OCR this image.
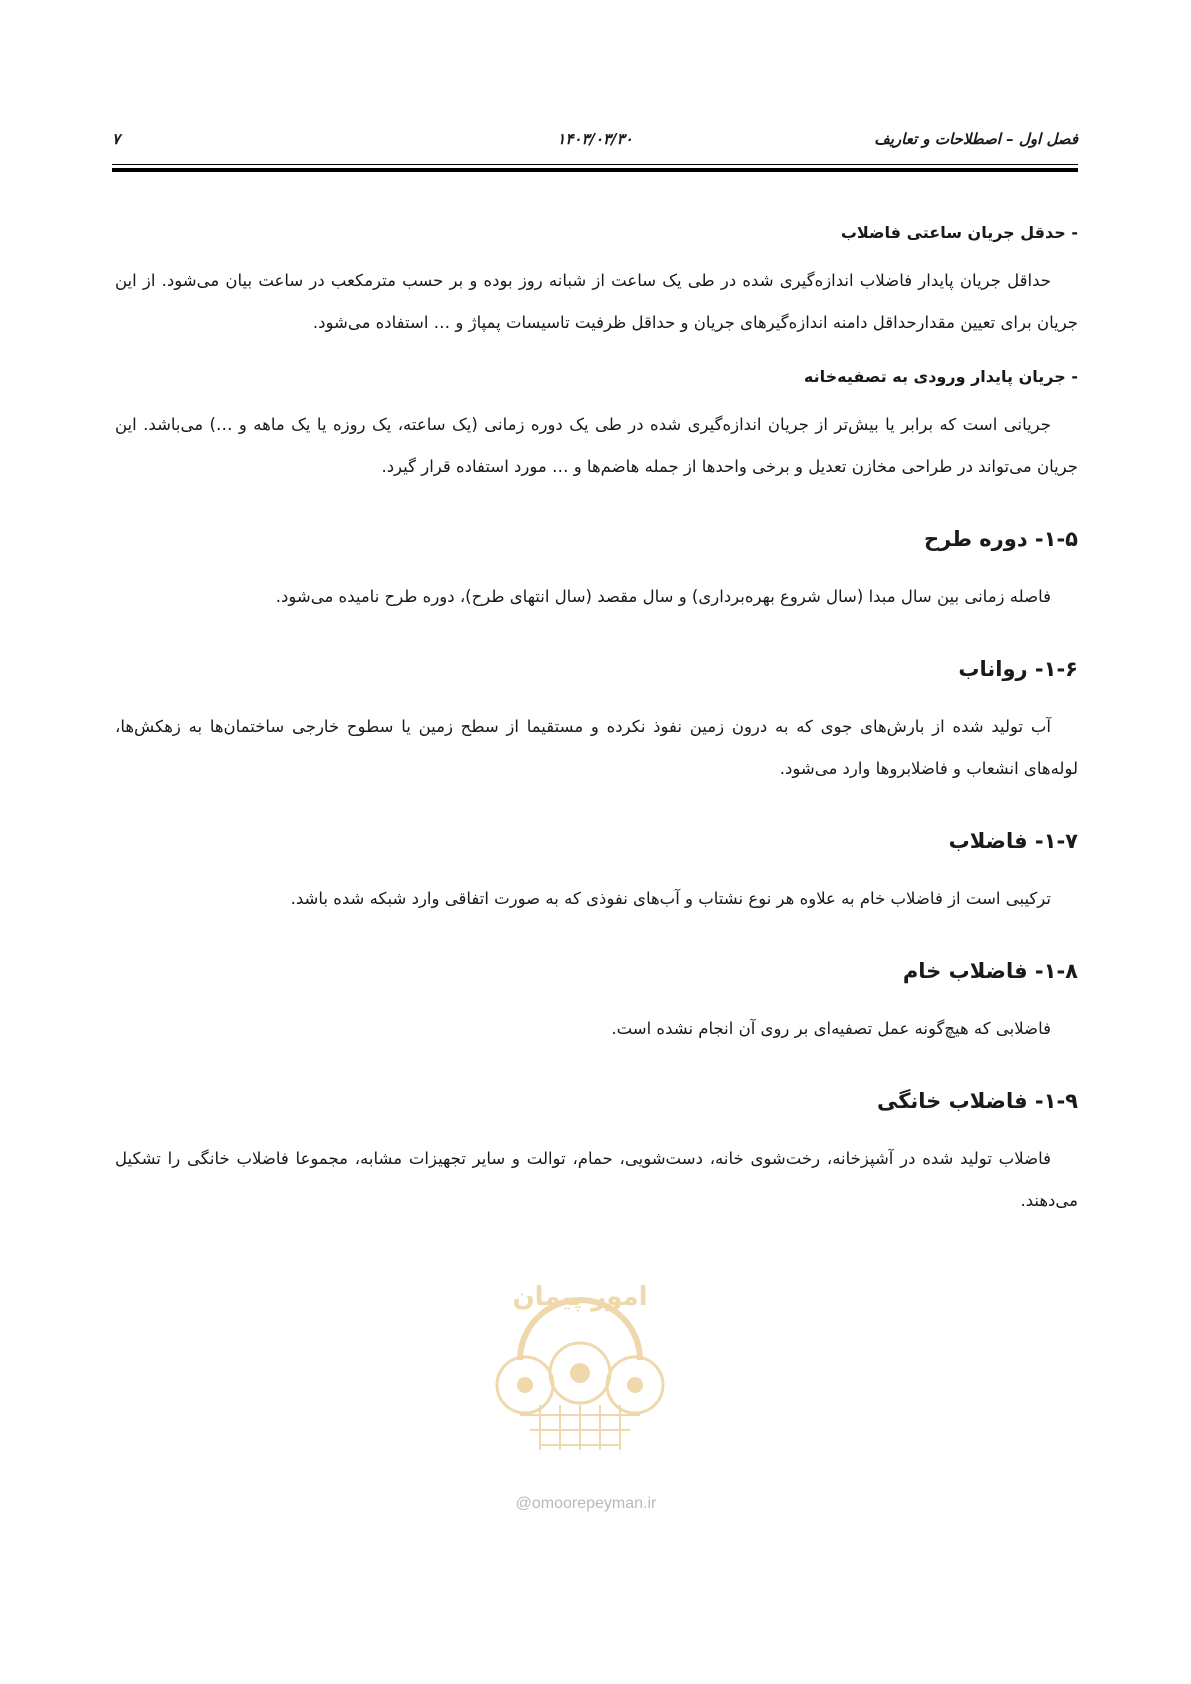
فصل اول – اصطلاحات و تعاریف
۱۴۰۳/۰۳/۳۰
۷

- حدقل جریان ساعتی فاضلاب

حداقل جریان پایدار فاضلاب اندازه‌گیری شده در طی یک ساعت از شبانه روز بوده و بر حسب مترمکعب در ساعت بیان می‌شود. از این جریان برای تعیین مقدارحداقل دامنه اندازه‌گیرهای جریان و حداقل ظرفیت تاسیسات پمپاژ و … استفاده می‌شود.

- جریان پایدار ورودی به تصفیه‌خانه

جریانی است که برابر یا بیش‌تر از جریان اندازه‌گیری شده در طی یک دوره زمانی (یک ساعته، یک روزه یا یک ماهه و …) می‌باشد. این جریان می‌تواند در طراحی مخازن تعدیل و برخی واحدها از جمله هاضم‌ها و … مورد استفاده قرار گیرد.

۱-۵- دوره طرح

فاصله زمانی بین سال مبدا (سال شروع بهره‌برداری) و سال مقصد (سال انتهای طرح)، دوره طرح نامیده می‌شود.

۱-۶- رواناب

آب تولید شده از بارش‌های جوی که به درون زمین نفوذ نکرده و مستقیما از سطح زمین یا سطوح خارجی ساختمان‌ها به زهکش‌ها، لوله‌های انشعاب و فاضلابروها وارد می‌شود.

۱-۷- فاضلاب

ترکیبی است از فاضلاب خام به علاوه هر نوع نشتاب و آب‌های نفوذی که به صورت اتفاقی وارد شبکه شده باشد.

۱-۸- فاضلاب خام

فاضلابی که هیچ‌گونه عمل تصفیه‌ای بر روی آن انجام نشده است.

۱-۹- فاضلاب خانگی

فاضلاب تولید شده در آشپزخانه، رخت‌شوی خانه، دست‌شویی، حمام، توالت و سایر تجهیزات مشابه، مجموعا فاضلاب خانگی را تشکیل می‌دهند.

امور پیمان
@omoorepeyman.ir
